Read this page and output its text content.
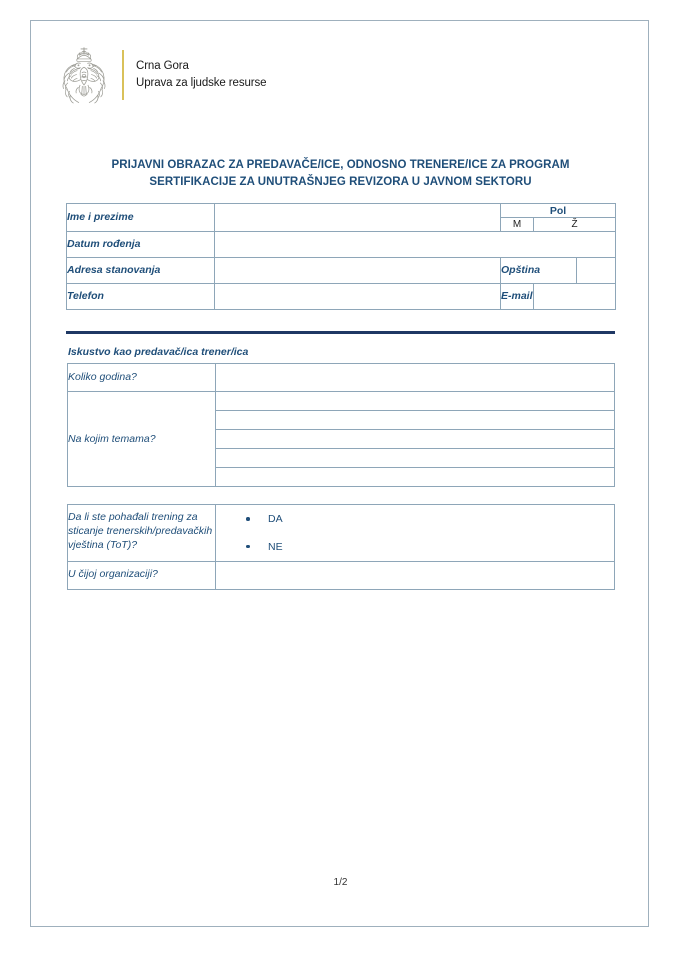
Crna Gora
Uprava za ljudske resurse
PRIJAVNI OBRAZAC ZA PREDAVAČE/ICE, ODNOSNO TRENERE/ICE ZA PROGRAM
SERTIFIKACIJE ZA UNUTRAŠNJEG REVIZORA U JAVNOM SEKTORU
Ime i prezime		Pol		
		M	Ž	
Datum rođenja				
Adresa stanovanja		Opština		
Telefon		E-mail		
Iskustvo kao predavač/ica trener/ica
Koliko godina?	
Na kojim temama?	

Da li ste pohađali trening za sticanje trenerskih/predavačkih vještina (ToT)?	
DA
NE

U čijoj organizaciji?	
1/2
